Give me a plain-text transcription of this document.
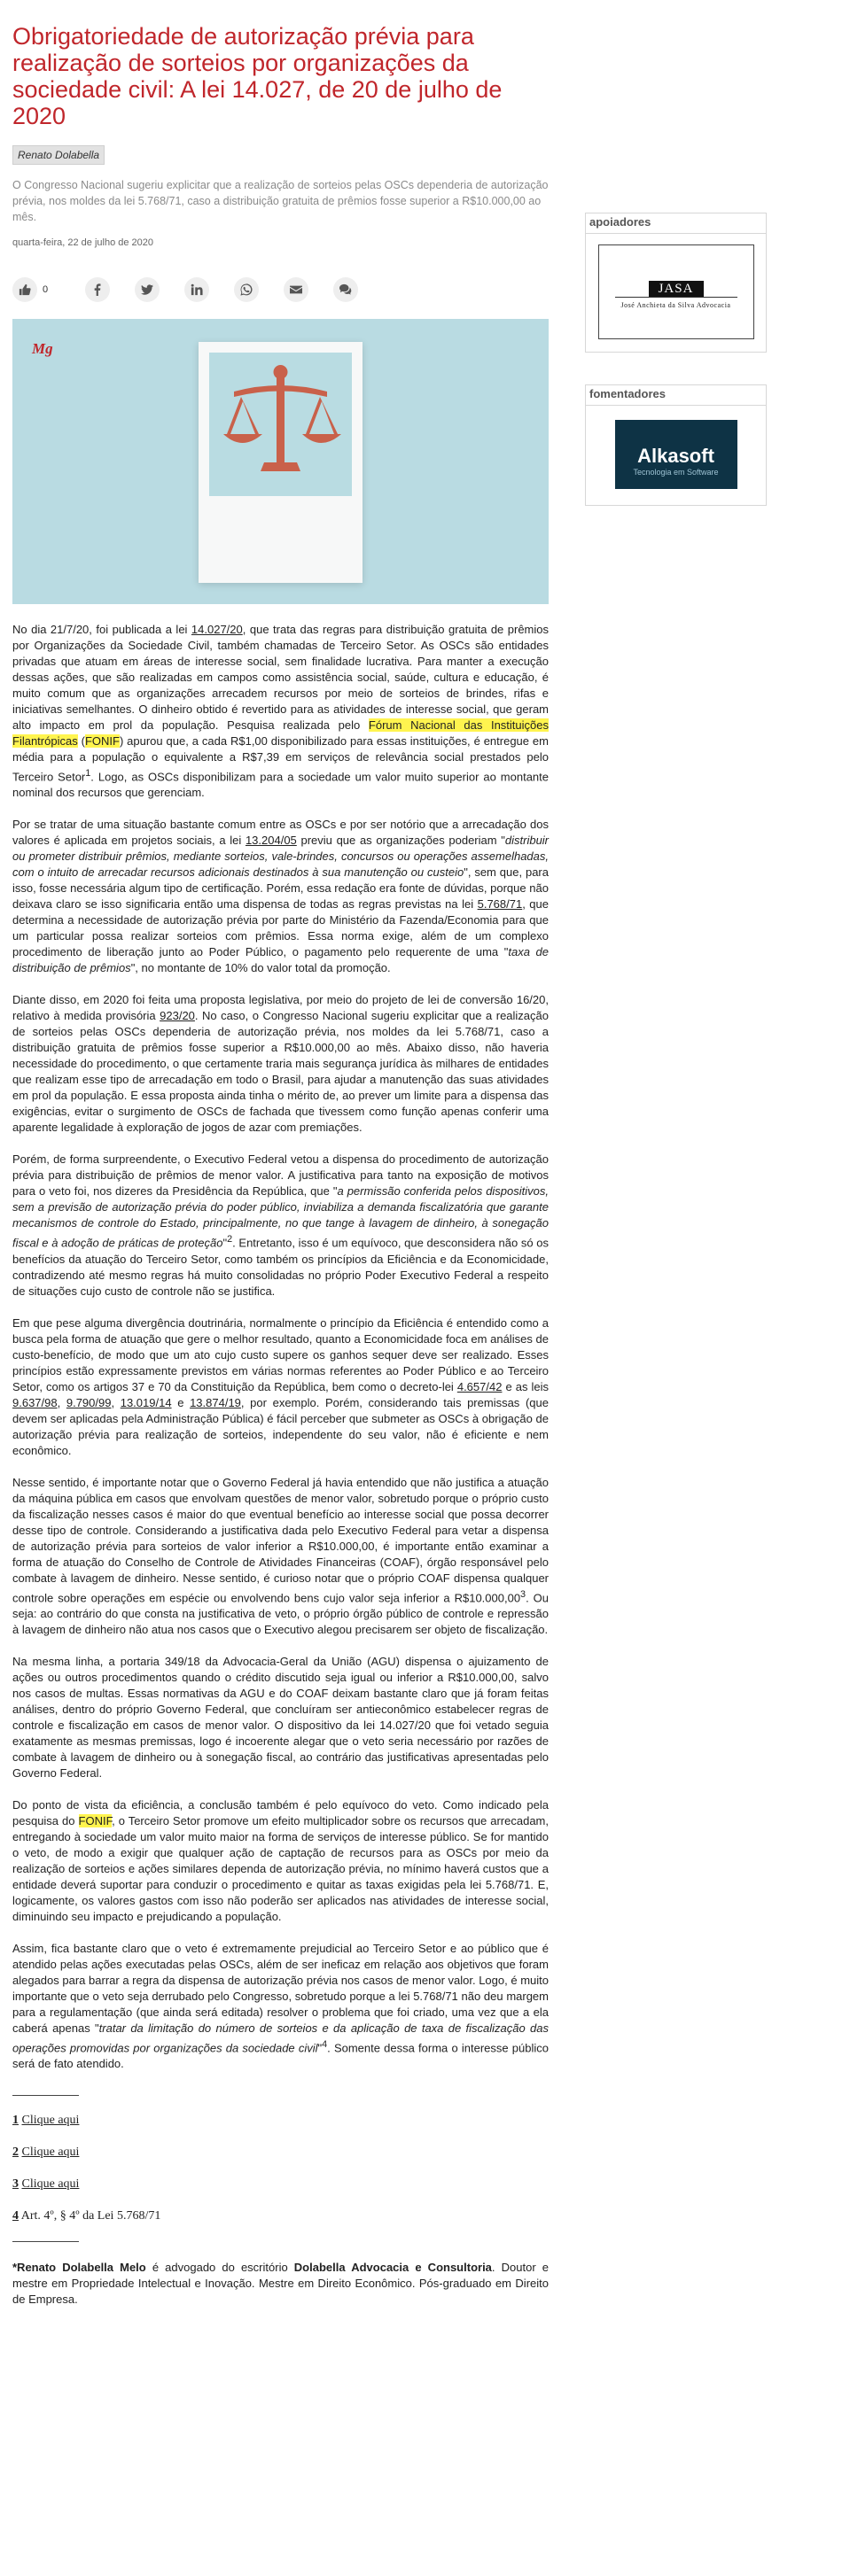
Obrigatoriedade de autorização prévia para realização de sorteios por organizações da sociedade civil: A lei 14.027, de 20 de julho de 2020
Renato Dolabella
O Congresso Nacional sugeriu explicitar que a realização de sorteios pelas OSCs dependeria de autorização prévia, nos moldes da lei 5.768/71, caso a distribuição gratuita de prêmios fosse superior a R$10.000,00 ao mês.
quarta-feira, 22 de julho de 2020
0
Mg

No dia 21/7/20, foi publicada a lei 14.027/20, que trata das regras para distribuição gratuita de prêmios por Organizações da Sociedade Civil, também chamadas de Terceiro Setor. As OSCs são entidades privadas que atuam em áreas de interesse social, sem finalidade lucrativa. Para manter a execução dessas ações, que são realizadas em campos como assistência social, saúde, cultura e educação, é muito comum que as organizações arrecadem recursos por meio de sorteios de brindes, rifas e iniciativas semelhantes. O dinheiro obtido é revertido para as atividades de interesse social, que geram alto impacto em prol da população. Pesquisa realizada pelo Fórum Nacional das Instituições Filantrópicas (FONIF) apurou que, a cada R$1,00 disponibilizado para essas instituições, é entregue em média para a população o equivalente a R$7,39 em serviços de relevância social prestados pelo Terceiro Setor$^1$. Logo, as OSCs disponibilizam para a sociedade um valor muito superior ao montante nominal dos recursos que gerenciam.

Por se tratar de uma situação bastante comum entre as OSCs e por ser notório que a arrecadação dos valores é aplicada em projetos sociais, a lei 13.204/05 previu que as organizações poderiam "distribuir ou prometer distribuir prêmios, mediante sorteios, vale-brindes, concursos ou operações assemelhadas, com o intuito de arrecadar recursos adicionais destinados à sua manutenção ou custeio", sem que, para isso, fosse necessária algum tipo de certificação. Porém, essa redação era fonte de dúvidas, porque não deixava claro se isso significaria então uma dispensa de todas as regras previstas na lei 5.768/71, que determina a necessidade de autorização prévia por parte do Ministério da Fazenda/Economia para que um particular possa realizar sorteios com prêmios. Essa norma exige, além de um complexo procedimento de liberação junto ao Poder Público, o pagamento pelo requerente de uma "taxa de distribuição de prêmios", no montante de 10% do valor total da promoção.

Diante disso, em 2020 foi feita uma proposta legislativa, por meio do projeto de lei de conversão 16/20, relativo à medida provisória 923/20. No caso, o Congresso Nacional sugeriu explicitar que a realização de sorteios pelas OSCs dependeria de autorização prévia, nos moldes da lei 5.768/71, caso a distribuição gratuita de prêmios fosse superior a R$10.000,00 ao mês. Abaixo disso, não haveria necessidade do procedimento, o que certamente traria mais segurança jurídica às milhares de entidades que realizam esse tipo de arrecadação em todo o Brasil, para ajudar a manutenção das suas atividades em prol da população. E essa proposta ainda tinha o mérito de, ao prever um limite para a dispensa das exigências, evitar o surgimento de OSCs de fachada que tivessem como função apenas conferir uma aparente legalidade à exploração de jogos de azar com premiações.

Porém, de forma surpreendente, o Executivo Federal vetou a dispensa do procedimento de autorização prévia para distribuição de prêmios de menor valor. A justificativa para tanto na exposição de motivos para o veto foi, nos dizeres da Presidência da República, que "a permissão conferida pelos dispositivos, sem a previsão de autorização prévia do poder público, inviabiliza a demanda fiscalizatória que garante mecanismos de controle do Estado, principalmente, no que tange à lavagem de dinheiro, à sonegação fiscal e à adoção de práticas de proteção"$^2$. Entretanto, isso é um equívoco, que desconsidera não só os benefícios da atuação do Terceiro Setor, como também os princípios da Eficiência e da Economicidade, contradizendo até mesmo regras há muito consolidadas no próprio Poder Executivo Federal a respeito de situações cujo custo de controle não se justifica.

Em que pese alguma divergência doutrinária, normalmente o princípio da Eficiência é entendido como a busca pela forma de atuação que gere o melhor resultado, quanto a Economicidade foca em análises de custo-benefício, de modo que um ato cujo custo supere os ganhos sequer deve ser realizado. Esses princípios estão expressamente previstos em várias normas referentes ao Poder Público e ao Terceiro Setor, como os artigos 37 e 70 da Constituição da República, bem como o decreto-lei 4.657/42 e as leis 9.637/98, 9.790/99, 13.019/14 e 13.874/19, por exemplo. Porém, considerando tais premissas (que devem ser aplicadas pela Administração Pública) é fácil perceber que submeter as OSCs à obrigação de autorização prévia para realização de sorteios, independente do seu valor, não é eficiente e nem econômico.

Nesse sentido, é importante notar que o Governo Federal já havia entendido que não justifica a atuação da máquina pública em casos que envolvam questões de menor valor, sobretudo porque o próprio custo da fiscalização nesses casos é maior do que eventual benefício ao interesse social que possa decorrer desse tipo de controle. Considerando a justificativa dada pelo Executivo Federal para vetar a dispensa de autorização prévia para sorteios de valor inferior a R$10.000,00, é importante então examinar a forma de atuação do Conselho de Controle de Atividades Financeiras (COAF), órgão responsável pelo combate à lavagem de dinheiro. Nesse sentido, é curioso notar que o próprio COAF dispensa qualquer controle sobre operações em espécie ou envolvendo bens cujo valor seja inferior a R$10.000,00$^3$. Ou seja: ao contrário do que consta na justificativa de veto, o próprio órgão público de controle e repressão à lavagem de dinheiro não atua nos casos que o Executivo alegou precisarem ser objeto de fiscalização.

Na mesma linha, a portaria 349/18 da Advocacia-Geral da União (AGU) dispensa o ajuizamento de ações ou outros procedimentos quando o crédito discutido seja igual ou inferior a R$10.000,00, salvo nos casos de multas. Essas normativas da AGU e do COAF deixam bastante claro que já foram feitas análises, dentro do próprio Governo Federal, que concluíram ser antieconômico estabelecer regras de controle e fiscalização em casos de menor valor. O dispositivo da lei 14.027/20 que foi vetado seguia exatamente as mesmas premissas, logo é incoerente alegar que o veto seria necessário por razões de combate à lavagem de dinheiro ou à sonegação fiscal, ao contrário das justificativas apresentadas pelo Governo Federal.

Do ponto de vista da eficiência, a conclusão também é pelo equívoco do veto. Como indicado pela pesquisa do FONIF, o Terceiro Setor promove um efeito multiplicador sobre os recursos que arrecadam, entregando à sociedade um valor muito maior na forma de serviços de interesse público. Se for mantido o veto, de modo a exigir que qualquer ação de captação de recursos para as OSCs por meio da realização de sorteios e ações similares dependa de autorização prévia, no mínimo haverá custos que a entidade deverá suportar para conduzir o procedimento e quitar as taxas exigidas pela lei 5.768/71. E, logicamente, os valores gastos com isso não poderão ser aplicados nas atividades de interesse social, diminuindo seu impacto e prejudicando a população.

Assim, fica bastante claro que o veto é extremamente prejudicial ao Terceiro Setor e ao público que é atendido pelas ações executadas pelas OSCs, além de ser ineficaz em relação aos objetivos que foram alegados para barrar a regra da dispensa de autorização prévia nos casos de menor valor. Logo, é muito importante que o veto seja derrubado pelo Congresso, sobretudo porque a lei 5.768/71 não deu margem para a regulamentação (que ainda será editada) resolver o problema que foi criado, uma vez que a ela caberá apenas "tratar da limitação do número de sorteios e da aplicação de taxa de fiscalização das operações promovidas por organizações da sociedade civil"$^4$. Somente dessa forma o interesse público será de fato atendido.

1 Clique aqui

2 Clique aqui

3 Clique aqui

4 Art. 4º, § 4º da Lei 5.768/71

*Renato Dolabella Melo é advogado do escritório Dolabella Advocacia e Consultoria. Doutor e mestre em Propriedade Intelectual e Inovação. Mestre em Direito Econômico. Pós-graduado em Direito de Empresa.
apoiadores
JASA
José Anchieta da Silva Advocacia
fomentadores
Alkasoft
Tecnologia em Software
